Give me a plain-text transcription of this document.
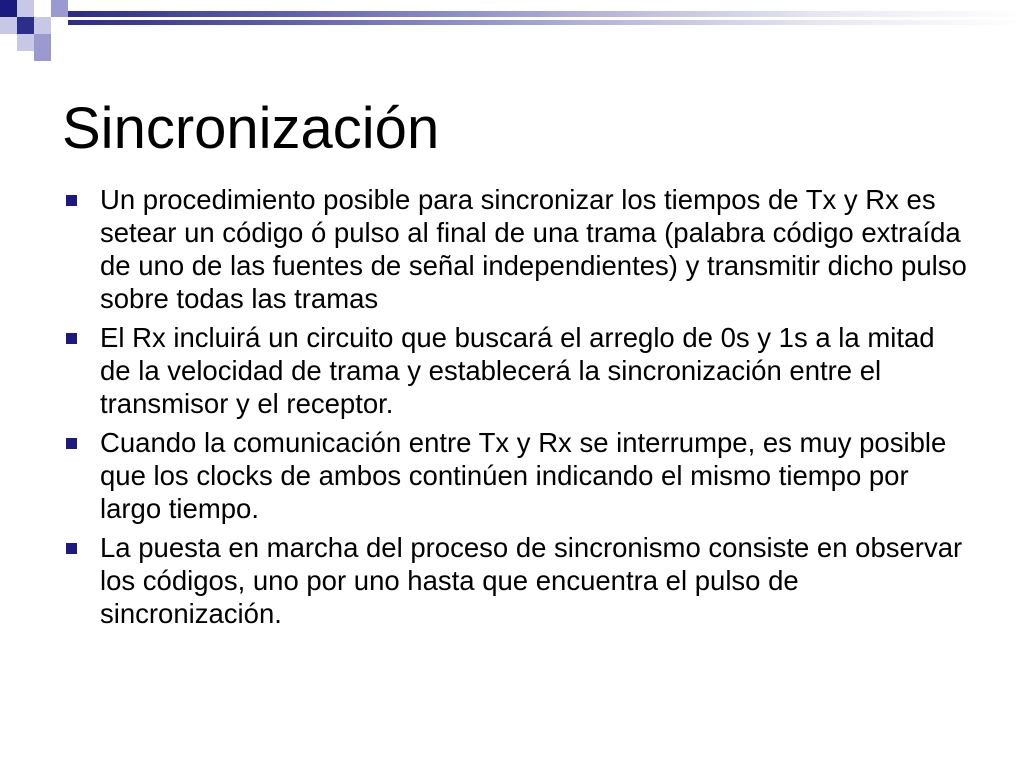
Sincronización
Un procedimiento posible para sincronizar los tiempos de Tx y Rx es setear un código ó pulso al final de una trama (palabra código extraída de uno de las fuentes de señal independientes) y transmitir dicho pulso sobre todas las tramas
El Rx incluirá un circuito que buscará el arreglo de 0s y 1s a la mitad de la velocidad de trama y establecerá la sincronización entre el transmisor y el receptor.
Cuando la comunicación entre Tx y Rx se interrumpe, es muy posible que los clocks de ambos continúen indicando el mismo tiempo por largo tiempo.
La puesta en marcha del proceso de sincronismo consiste en observar los códigos, uno por uno hasta que encuentra el pulso de sincronización.
